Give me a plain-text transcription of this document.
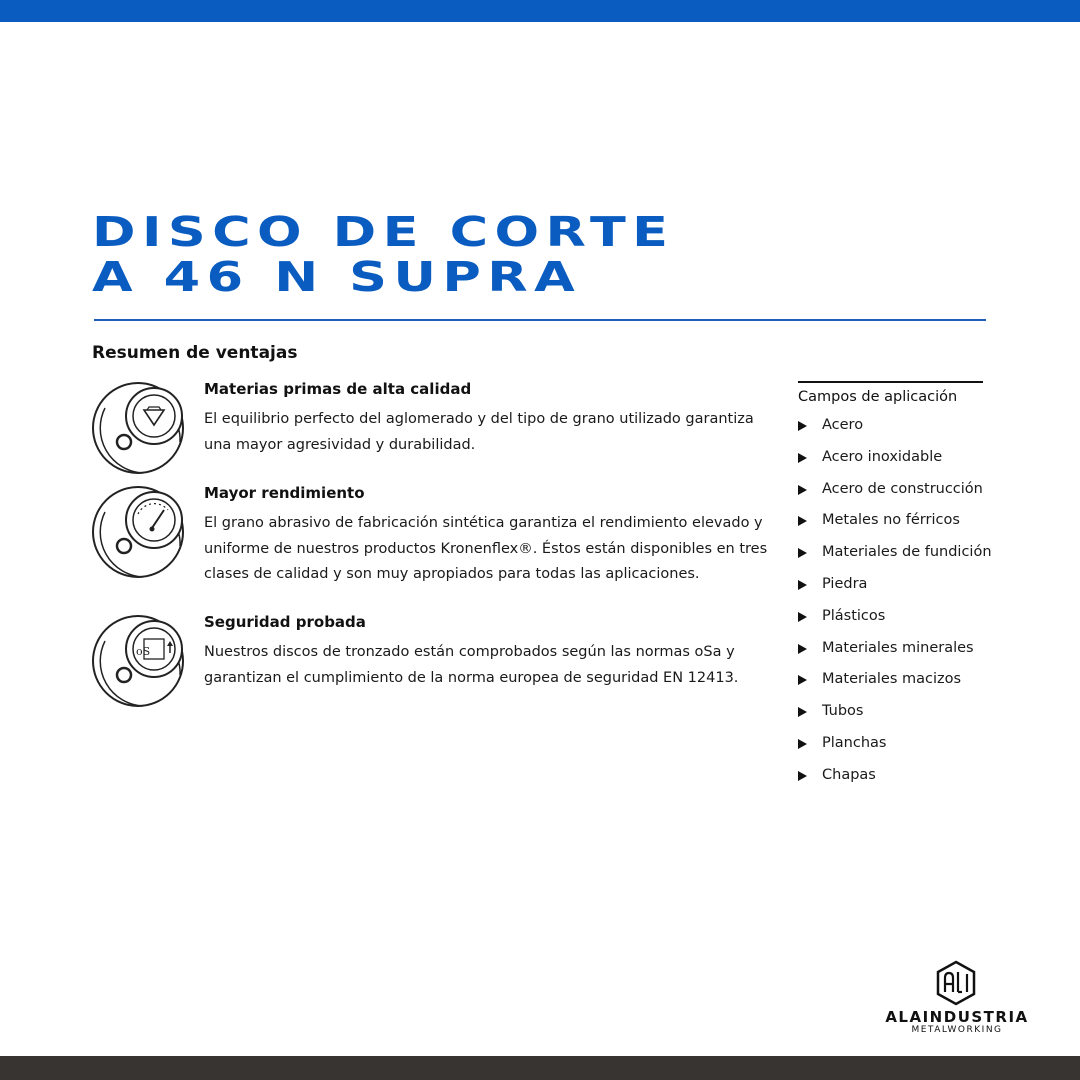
DISCO DE CORTE
A 46 N SUPRA
Resumen de ventajas
Materias primas de alta calidad
El equilibrio perfecto del aglomerado y del tipo de grano utilizado garantiza una mayor agresividad y durabilidad.
Mayor rendimiento
El grano abrasivo de fabricación sintética garantiza el rendimiento elevado y uniforme de nuestros productos Kronenflex®. Éstos están disponibles en tres clases de calidad y son muy apropiados para todas las aplicaciones.
oS
Seguridad probada
Nuestros discos de tronzado están comprobados según las normas oSa y garantizan el cumplimiento de la norma europea de seguridad EN 12413.
Campos de aplicación
Acero
Acero inoxidable
Acero de construcción
Metales no férricos
Materiales de fundición
Piedra
Plásticos
Materiales minerales
Materiales macizos
Tubos
Planchas
Chapas
ALAINDUSTRIA
METALWORKING
